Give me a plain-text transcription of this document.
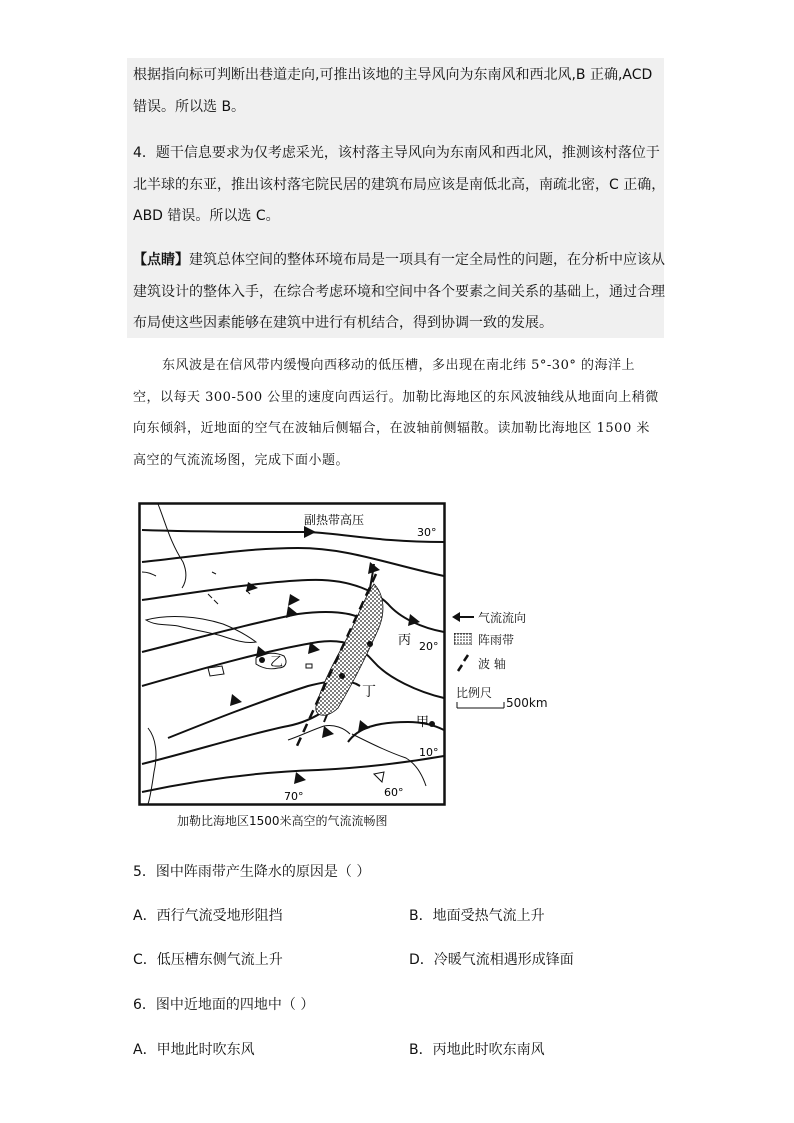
根据指向标可判断出巷道走向,可推出该地的主导风向为东南风和西北风,B 正确,ACD
错误。所以选 B。
4．题干信息要求为仅考虑采光，该村落主导风向为东南风和西北风，推测该村落位于
北半球的东亚，推出该村落宅院民居的建筑布局应该是南低北高，南疏北密，C 正确，
ABD 错误。所以选 C。
【点睛】建筑总体空间的整体环境布局是一项具有一定全局性的问题，在分析中应该从
建筑设计的整体入手，在综合考虑环境和空间中各个要素之间关系的基础上，通过合理
布局使这些因素能够在建筑中进行有机结合，得到协调一致的发展。
东风波是在信风带内缓慢向西移动的低压槽，多出现在南北纬 5°-30° 的海洋上
空，以每天 300-500 公里的速度向西运行。加勒比海地区的东风波轴线从地面向上稍微
向东倾斜，近地面的空气在波轴后侧辐合，在波轴前侧辐散。读加勒比海地区 1500 米
高空的气流流场图，完成下面小题。
副热带高压
30°
20°
10°
70°	60°
丙
丁
甲
乙
气流流向
阵雨带
波 轴
比例尺
500km
加勒比海地区1500米高空的气流流畅图
5．图中阵雨带产生降水的原因是（ ）
A．西行气流受地形阻挡	B．地面受热气流上升
C．低压槽东侧气流上升	D．冷暖气流相遇形成锋面
6．图中近地面的四地中（ ）
A．甲地此时吹东风	B．丙地此时吹东南风
